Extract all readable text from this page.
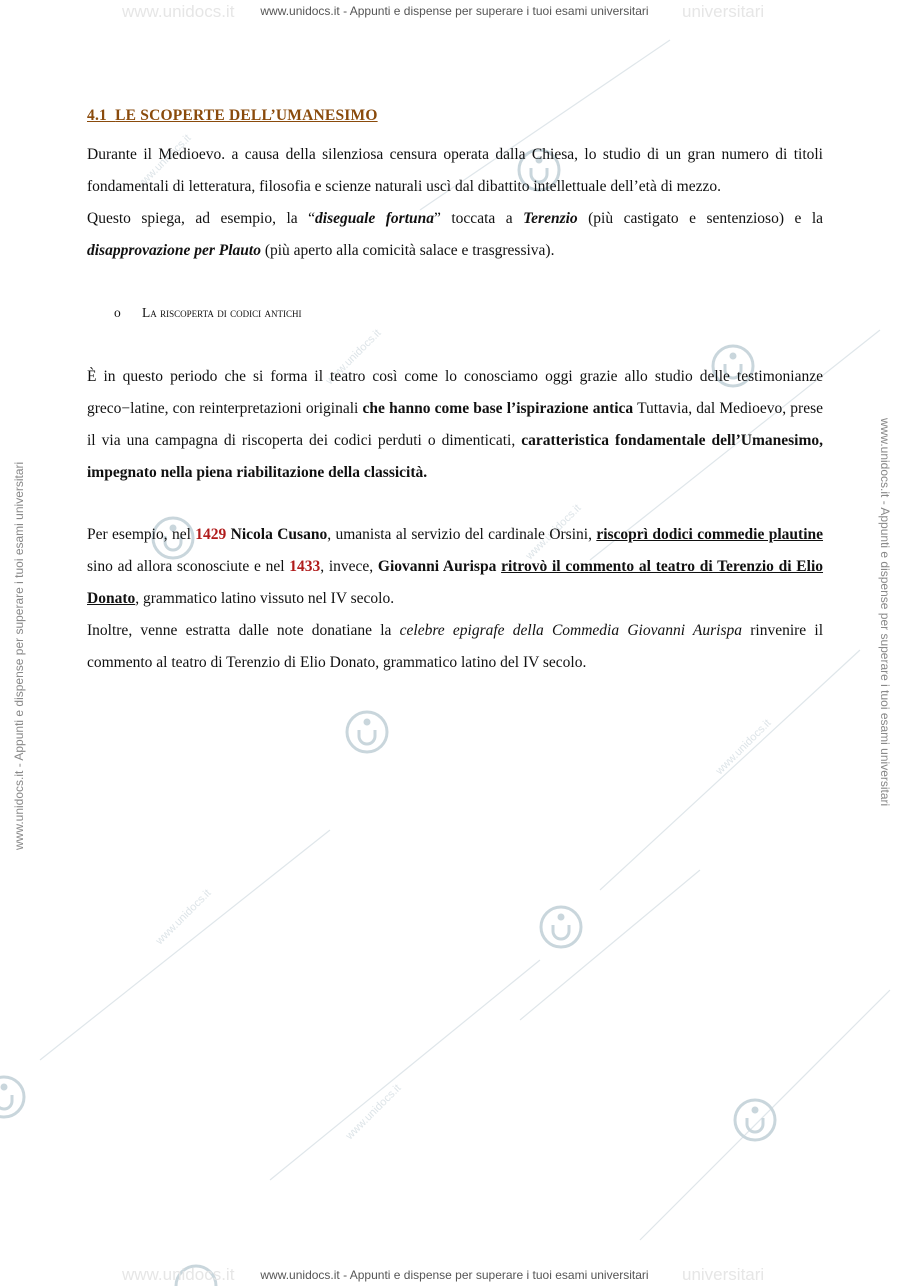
www.unidocs.it
www.unidocs.it
www.unidocs.it
www.unidocs.it
www.unidocs.it
www.unidocs.it
www.unidocs.it	universitari
www.unidocs.it - Appunti e dispense per superare i tuoi esami universitari
www.unidocs.it	universitari
www.unidocs.it - Appunti e dispense per superare i tuoi esami universitari
www.unidocs.it - Appunti e dispense per superare i tuoi esami universitari	www.unidocs.it - Appunti e dispense per superare i tuoi esami universitari
4.1 LE SCOPERTE DELL’UMANESIMO

Durante il Medioevo. a causa della silenziosa censura operata dalla Chiesa, lo studio di un gran numero di titoli fondamentali di letteratura, filosofia e scienze naturali uscì dal dibattito intellettuale dell’età di mezzo.

Questo spiega, ad esempio, la “diseguale fortuna” toccata a Terenzio (più castigato e sentenzioso) e la disapprovazione per Plauto (più aperto alla comicità salace e trasgressiva).

o La riscoperta di codici antichi

È in questo periodo che si forma il teatro così come lo conosciamo oggi grazie allo studio delle testimonianze greco−latine, con reinterpretazioni originali che hanno come base l’ispirazione antica Tuttavia, dal Medioevo, prese il via una campagna di riscoperta dei codici perduti o dimenticati, caratteristica fondamentale dell’Umanesimo, impegnato nella piena riabilitazione della classicità.

Per esempio, nel 1429 Nicola Cusano, umanista al servizio del cardinale Orsini, riscoprì dodici commedie plautine sino ad allora sconosciute e nel 1433, invece, Giovanni Aurispa ritrovò il commento al teatro di Terenzio di Elio Donato, grammatico latino vissuto nel IV secolo.

Inoltre, venne estratta dalle note donatiane la celebre epigrafe della Commedia Giovanni Aurispa rinvenire il commento al teatro di Terenzio di Elio Donato, grammatico latino del IV secolo.
